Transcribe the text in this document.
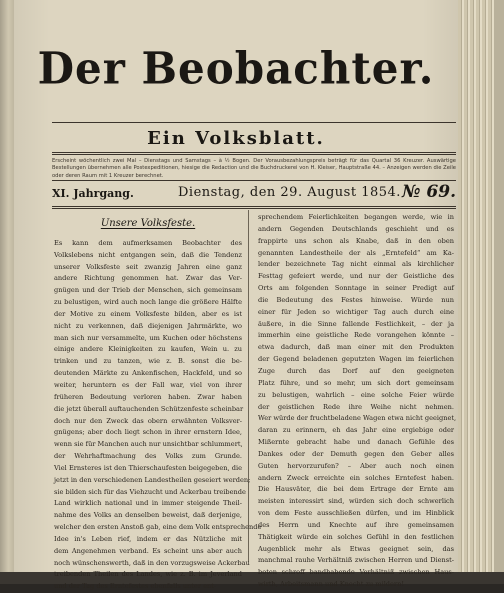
Der Beobachter.
Ein Volksblatt.
Erscheint wöchentlich zwei Mal – Dienstags und Samstags – à ½ Bogen. Der Vorausbezahlungspreis beträgt für das Quartal 36 Kreuzer. Auswärtige Bestellungen übernehmen alle Postexpeditionen, hiesige die Redaction und die Buchdruckerei von H. Kleiser, Hauptstraße 44. – Anzeigen werden die Zeile oder deren Raum mit 1 Kreuzer berechnet.
XI. Jahrgang.	Dienstag, den 29. August 1854. № 69.
Unsere Volksfeste.

Es kann dem aufmerksamen Beobachter des

Volkslebens nicht entgangen sein, daß die Tendenz

unserer Volksfeste seit zwanzig Jahren eine ganz

andere Richtung genommen hat. Zwar das Ver-

gnügen und der Trieb der Menschen, sich gemeinsam

zu belustigen, wird auch noch lange die größere Hälfte

der Motive zu einem Volksfeste bilden, aber es ist

nicht zu verkennen, daß diejenigen Jahrmärkte, wo

man sich nur versammelte, um Kuchen oder höchstens

einige andere Kleinigkeiten zu kaufen, Wein u. zu

trinken und zu tanzen, wie z. B. sonst die be-

deutenden Märkte zu Ankenfischen, Hackfeld, und so

weiter, heruntern es der Fall war, viel von ihrer

früheren Bedeutung verloren haben. Zwar haben

die jetzt überall auftauchenden Schützenfeste scheinbar

doch nur den Zweck das obern erwähnten Volksver-

gnügens; aber doch liegt schon in ihrer ernstern Idee,

wenn sie für Manchen auch nur unsichtbar schlummert,

der Wehrhaftmachung des Volks zum Grunde.

Viel Ernsteres ist den Thierschaufesten beigegeben, die

jetzt in den verschiedenen Landestheilen geseiert werden;

sie bilden sich für das Viehzucht und Ackerbau treibende

Land wirklich national und in immer steigende Theil-

nahme des Volks an denselben beweist, daß derjenige,

welcher den ersten Anstoß gab, eine dem Volk entsprechende

Idee in's Leben rief, indem er das Nützliche mit

dem Angenehmen verband. Es scheint uns aber auch

noch wünschenswerth, daß in den vorzugsweise Ackerbau

treibenden Theilen des Landes, wie z. B. im Jeverland

und der Tag des Erntefestes ebenfalls unter ent-

sprechendem Feierlichkeiten begangen werde, wie in

andern Gegenden Deutschlands geschieht und es

frappirte uns schon als Knabe, daß in den oben

genannten Landestheile der als „Erntefeld“ am Ka-

lender bezeichnete Tag nicht einmal als kirchlicher

Festtag gefeiert werde, und nur der Geistliche des

Orts am folgenden Sonntage in seiner Predigt auf

die Bedeutung des Festes hinweise. Würde nun

einer für Jeden so wichtiger Tag auch durch eine

äußere, in die Sinne fallende Festlichkeit, – der ja

immerhin eine geistliche Rede vorangehen könnte –

etwa dadurch, daß man einer mit den Produkten

der Gegend beladenen geputzten Wagen im feierlichen

Zuge durch das Dorf auf den geeigneten

Platz führe, und so mehr, um sich dort gemeinsam

zu belustigen, wahrlich – eine solche Feier würde

der geistlichen Rede ihre Weihe nicht nehmen.

Wer würde der fruchtbeladene Wagen etwa nicht geeignet,

daran zu erinnern, eh das Jahr eine ergiebige oder

Mißernte gebracht habe und danach Gefühle des

Dankes oder der Demuth gegen den Geber alles

Guten hervorzurufen? – Aber auch noch einen

andern Zweck erreichte ein solches Erntefest haben.

Die Hausväter, die bei dem Ertrage der Ernte am

meisten interessirt sind, würden sich doch schwerlich

von dem Feste ausschließen dürfen, und im Hinblick

des Herrn und Knechte auf ihre gemeinsamen

Thätigkeit würde ein solches Gefühl in den festlichen

Augenblick mehr als Etwas geeignet sein, das

manchmal rauhe Verhältniß zwischen Herren und Dienst-

boten schroff bandhabende Verhältniß zwischen Haus-

wirth, Arbeitsmann und Knecht zu mildern!
